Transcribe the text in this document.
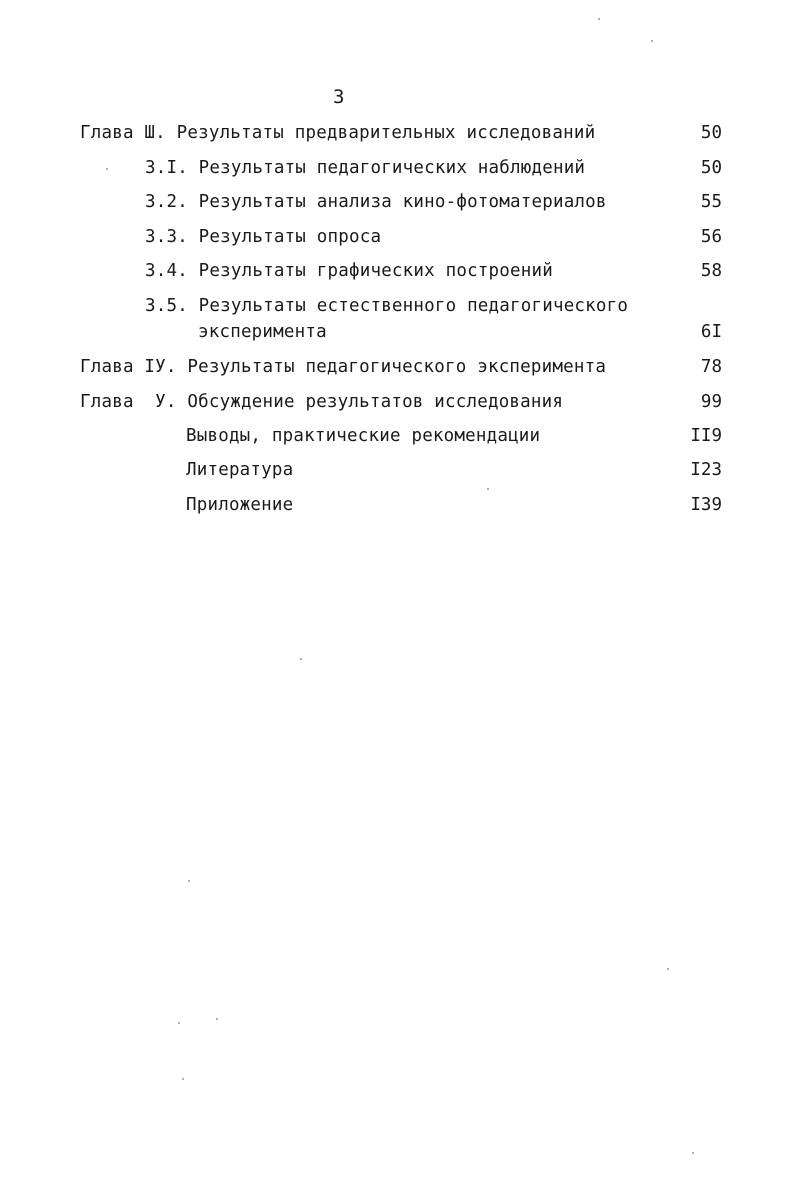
3
Глава Ш. Результаты предварительных исследований	50
3.I. Результаты педагогических наблюдений	50
3.2. Результаты анализа кино-фотоматериалов	55
3.3. Результаты опроса	56
3.4. Результаты графических построений	58
3.5. Результаты естественного педагогического
эксперимента	6I
Глава IУ. Результаты педагогического эксперимента	78
Глава  У. Обсуждение результатов исследования	99
Выводы, практические рекомендации	II9
Литература	I23
Приложение	I39
